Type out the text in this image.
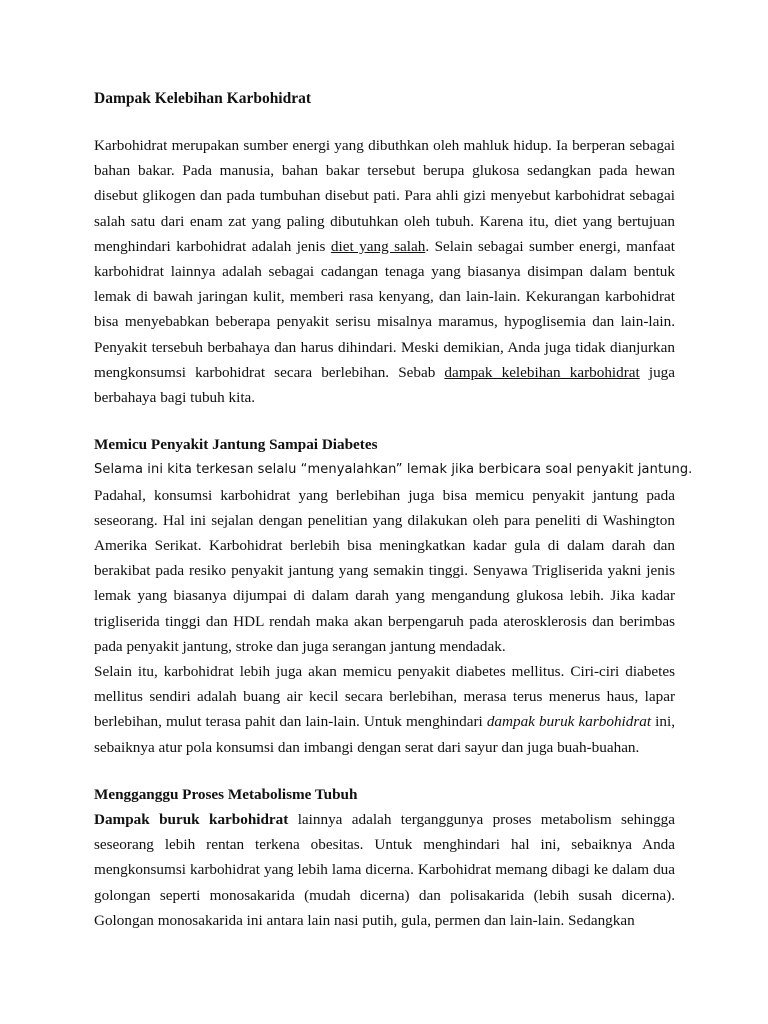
Dampak Kelebihan Karbohidrat

Karbohidrat merupakan sumber energi yang dibuthkan oleh mahluk hidup. Ia berperan sebagai bahan bakar. Pada manusia, bahan bakar tersebut berupa glukosa sedangkan pada hewan disebut glikogen dan pada tumbuhan disebut pati. Para ahli gizi menyebut karbohidrat sebagai salah satu dari enam zat yang paling dibutuhkan oleh tubuh. Karena itu, diet yang bertujuan menghindari karbohidrat adalah jenis diet yang salah. Selain sebagai sumber energi, manfaat karbohidrat lainnya adalah sebagai cadangan tenaga yang biasanya disimpan dalam bentuk lemak di bawah jaringan kulit, memberi rasa kenyang, dan lain-lain. Kekurangan karbohidrat bisa menyebabkan beberapa penyakit serisu misalnya maramus, hypoglisemia dan lain-lain. Penyakit tersebuh berbahaya dan harus dihindari. Meski demikian, Anda juga tidak dianjurkan mengkonsumsi karbohidrat secara berlebihan. Sebab dampak kelebihan karbohidrat juga berbahaya bagi tubuh kita.

Memicu Penyakit Jantung Sampai Diabetes
Selama ini kita terkesan selalu “menyalahkan” lemak jika berbicara soal penyakit jantung.

Padahal, konsumsi karbohidrat yang berlebihan juga bisa memicu penyakit jantung pada seseorang. Hal ini sejalan dengan penelitian yang dilakukan oleh para peneliti di Washington Amerika Serikat. Karbohidrat berlebih bisa meningkatkan kadar gula di dalam darah dan berakibat pada resiko penyakit jantung yang semakin tinggi. Senyawa Trigliserida yakni jenis lemak yang biasanya dijumpai di dalam darah yang mengandung glukosa lebih. Jika kadar trigliserida tinggi dan HDL rendah maka akan berpengaruh pada aterosklerosis dan berimbas pada penyakit jantung, stroke dan juga serangan jantung mendadak.

Selain itu, karbohidrat lebih juga akan memicu penyakit diabetes mellitus. Ciri-ciri diabetes mellitus sendiri adalah buang air kecil secara berlebihan, merasa terus menerus haus, lapar berlebihan, mulut terasa pahit dan lain-lain. Untuk menghindari dampak buruk karbohidrat ini, sebaiknya atur pola konsumsi dan imbangi dengan serat dari sayur dan juga buah-buahan.

Mengganggu Proses Metabolisme Tubuh

Dampak buruk karbohidrat lainnya adalah terganggunya proses metabolism sehingga seseorang lebih rentan terkena obesitas. Untuk menghindari hal ini, sebaiknya Anda mengkonsumsi karbohidrat yang lebih lama dicerna. Karbohidrat memang dibagi ke dalam dua golongan seperti monosakarida (mudah dicerna) dan polisakarida (lebih susah dicerna). Golongan monosakarida ini antara lain nasi putih, gula, permen dan lain-lain. Sedangkan
